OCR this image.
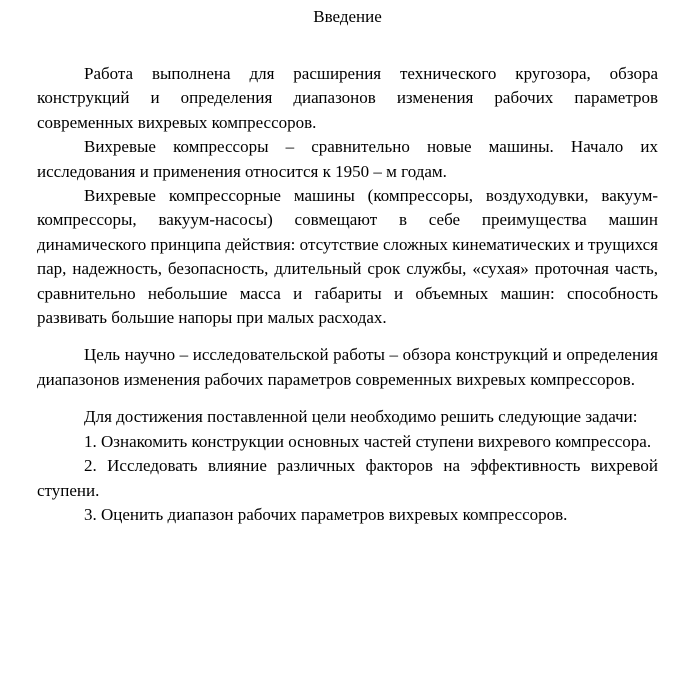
Введение

Работа выполнена для расширения технического кругозора, обзора конструкций и определения диапазонов изменения рабочих параметров современных вихревых компрессоров.

Вихревые компрессоры – сравнительно новые машины. Начало их исследования и применения относится к 1950 – м годам.

Вихревые компрессорные машины (компрессоры, воздуходувки, вакуум-компрессоры, вакуум-насосы) совмещают в себе преимущества машин динамического принципа действия: отсутствие сложных кинематических и трущихся пар, надежность, безопасность, длительный срок службы, «сухая» проточная часть, сравнительно небольшие масса и габариты и объемных машин: способность развивать большие напоры при малых расходах.

Цель научно – исследовательской работы – обзора конструкций и определения диапазонов изменения рабочих параметров современных вихревых компрессоров.

Для достижения поставленной цели необходимо решить следующие задачи:

1. Ознакомить конструкции основных частей ступени вихревого компрессора.

2. Исследовать влияние различных факторов на эффективность вихревой ступени.

3. Оценить диапазон рабочих параметров вихревых компрессоров.
